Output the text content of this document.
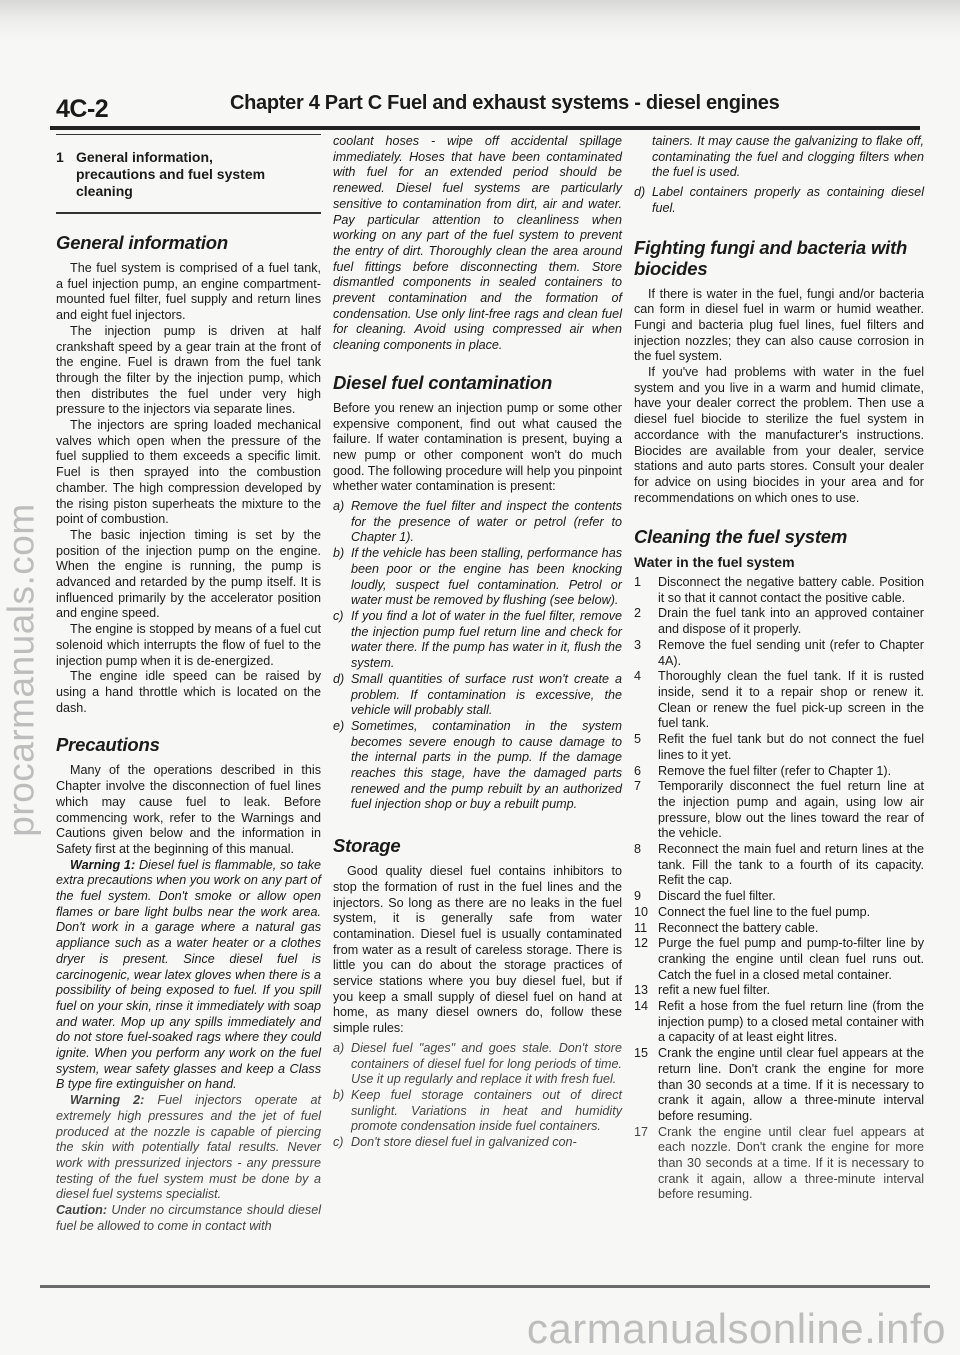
4C-2	Chapter 4 Part C Fuel and exhaust systems - diesel engines
procarmanuals.com
1 General information, precautions and fuel system cleaning
General information

The fuel system is comprised of a fuel tank, a fuel injection pump, an engine compartment-mounted fuel filter, fuel supply and return lines and eight fuel injectors.

The injection pump is driven at half crankshaft speed by a gear train at the front of the engine. Fuel is drawn from the fuel tank through the filter by the injection pump, which then distributes the fuel under very high pressure to the injectors via separate lines.

The injectors are spring loaded mechanical valves which open when the pressure of the fuel supplied to them exceeds a specific limit. Fuel is then sprayed into the combustion chamber. The high compression developed by the rising piston superheats the mixture to the point of combustion.

The basic injection timing is set by the position of the injection pump on the engine. When the engine is running, the pump is advanced and retarded by the pump itself. It is influenced primarily by the accelerator position and engine speed.

The engine is stopped by means of a fuel cut solenoid which interrupts the flow of fuel to the injection pump when it is de-energized.

The engine idle speed can be raised by using a hand throttle which is located on the dash.

Precautions

Many of the operations described in this Chapter involve the disconnection of fuel lines which may cause fuel to leak. Before commencing work, refer to the Warnings and Cautions given below and the information in Safety first at the beginning of this manual.

Warning 1: Diesel fuel is flammable, so take extra precautions when you work on any part of the fuel system. Don't smoke or allow open flames or bare light bulbs near the work area. Don't work in a garage where a natural gas appliance such as a water heater or a clothes dryer is present. Since diesel fuel is carcinogenic, wear latex gloves when there is a possibility of being exposed to fuel. If you spill fuel on your skin, rinse it immediately with soap and water. Mop up any spills immediately and do not store fuel-soaked rags where they could ignite. When you perform any work on the fuel system, wear safety glasses and keep a Class B type fire extinguisher on hand.

Warning 2: Fuel injectors operate at extremely high pressures and the jet of fuel produced at the nozzle is capable of piercing the skin with potentially fatal results. Never work with pressurized injectors - any pressure testing of the fuel system must be done by a diesel fuel systems specialist.

Caution: Under no circumstance should diesel fuel be allowed to come in contact with

coolant hoses - wipe off accidental spillage immediately. Hoses that have been contaminated with fuel for an extended period should be renewed. Diesel fuel systems are particularly sensitive to contamination from dirt, air and water. Pay particular attention to cleanliness when working on any part of the fuel system to prevent the entry of dirt. Thoroughly clean the area around fuel fittings before disconnecting them. Store dismantled components in sealed containers to prevent contamination and the formation of condensation. Use only lint-free rags and clean fuel for cleaning. Avoid using compressed air when cleaning components in place.

Diesel fuel contamination

Before you renew an injection pump or some other expensive component, find out what caused the failure. If water contamination is present, buying a new pump or other component won't do much good. The following procedure will help you pinpoint whether water contamination is present:

a) Remove the fuel filter and inspect the contents for the presence of water or petrol (refer to Chapter 1).
b) If the vehicle has been stalling, performance has been poor or the engine has been knocking loudly, suspect fuel contamination. Petrol or water must be removed by flushing (see below).
c) If you find a lot of water in the fuel filter, remove the injection pump fuel return line and check for water there. If the pump has water in it, flush the system.
d) Small quantities of surface rust won't create a problem. If contamination is excessive, the vehicle will probably stall.
e) Sometimes, contamination in the system becomes severe enough to cause damage to the internal parts in the pump. If the damage reaches this stage, have the damaged parts renewed and the pump rebuilt by an authorized fuel injection shop or buy a rebuilt pump.
Storage

Good quality diesel fuel contains inhibitors to stop the formation of rust in the fuel lines and the injectors. So long as there are no leaks in the fuel system, it is generally safe from water contamination. Diesel fuel is usually contaminated from water as a result of careless storage. There is little you can do about the storage practices of service stations where you buy diesel fuel, but if you keep a small supply of diesel fuel on hand at home, as many diesel owners do, follow these simple rules:

a) Diesel fuel "ages" and goes stale. Don't store containers of diesel fuel for long periods of time. Use it up regularly and replace it with fresh fuel.
b) Keep fuel storage containers out of direct sunlight. Variations in heat and humidity promote condensation inside fuel containers.
c) Don't store diesel fuel in galvanized con-

tainers. It may cause the galvanizing to flake off, contaminating the fuel and clogging filters when the fuel is used.

d) Label containers properly as containing diesel fuel.
Fighting fungi and bacteria with biocides

If there is water in the fuel, fungi and/or bacteria can form in diesel fuel in warm or humid weather. Fungi and bacteria plug fuel lines, fuel filters and injection nozzles; they can also cause corrosion in the fuel system.

If you've had problems with water in the fuel system and you live in a warm and humid climate, have your dealer correct the problem. Then use a diesel fuel biocide to sterilize the fuel system in accordance with the manufacturer's instructions. Biocides are available from your dealer, service stations and auto parts stores. Consult your dealer for advice on using biocides in your area and for recommendations on which ones to use.

Cleaning the fuel system
Water in the fuel system
1 Disconnect the negative battery cable. Position it so that it cannot contact the positive cable.
2 Drain the fuel tank into an approved container and dispose of it properly.
3 Remove the fuel sending unit (refer to Chapter 4A).
4 Thoroughly clean the fuel tank. If it is rusted inside, send it to a repair shop or renew it. Clean or renew the fuel pick-up screen in the fuel tank.
5 Refit the fuel tank but do not connect the fuel lines to it yet.
6 Remove the fuel filter (refer to Chapter 1).
7 Temporarily disconnect the fuel return line at the injection pump and again, using low air pressure, blow out the lines toward the rear of the vehicle.
8 Reconnect the main fuel and return lines at the tank. Fill the tank to a fourth of its capacity. Refit the cap.
9 Discard the fuel filter.
10 Connect the fuel line to the fuel pump.
11 Reconnect the battery cable.
12 Purge the fuel pump and pump-to-filter line by cranking the engine until clean fuel runs out. Catch the fuel in a closed metal container.
13 refit a new fuel filter.
14 Refit a hose from the fuel return line (from the injection pump) to a closed metal container with a capacity of at least eight litres.
15 Crank the engine until clear fuel appears at the return line. Don't crank the engine for more than 30 seconds at a time. If it is necessary to crank it again, allow a three-minute interval before resuming.
17 Crank the engine until clear fuel appears at each nozzle. Don't crank the engine for more than 30 seconds at a time. If it is necessary to crank it again, allow a three-minute interval before resuming.
carmanualsonline.info
